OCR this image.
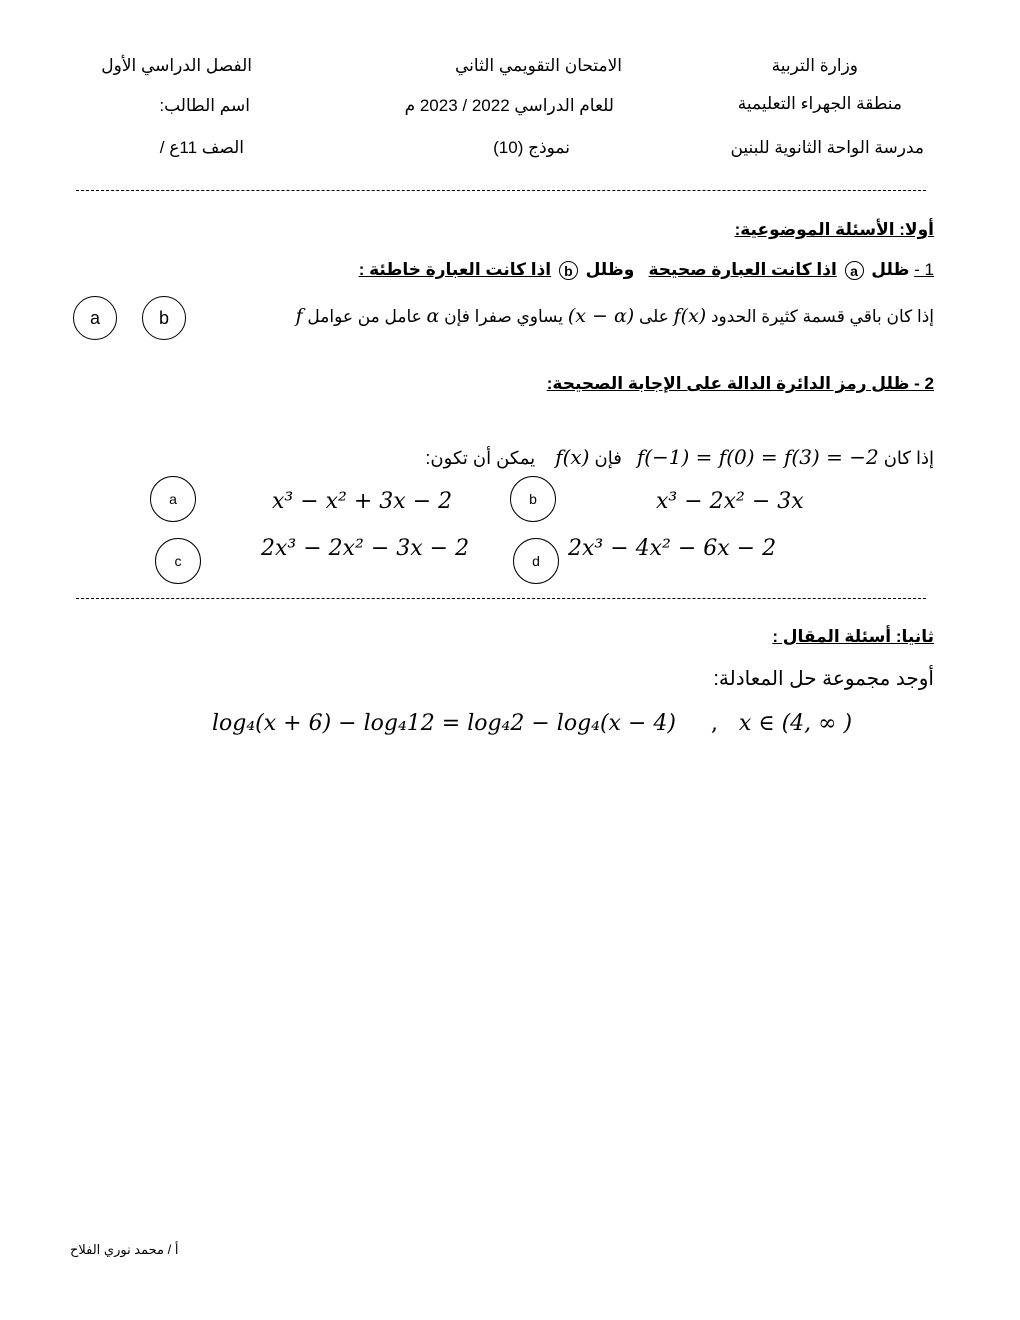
وزارة التربية
منطقة الجهراء التعليمية
مدرسة الواحة الثانوية للبنين
الامتحان التقويمي الثاني
للعام الدراسي 2022 / 2023 م
نموذج (10)
الفصل الدراسي الأول
اسم الطالب:
الصف 11ع /
أولا: الأسئلة الموضوعية:
1 - ظلل a اذا كانت العبارة صحيحة   وظلل b اذا كانت العبارة خاطئة :
إذا كان باقي قسمة كثيرة الحدود f(x) على (x − α) يساوي صفرا فإن α عامل من عوامل f
b
a
2 - ظلل رمز الدائرة الدالة على الإجابة الصحيحة:
إذا كان f(−1) = f(0) = f(3) = −2   فإن f(x)    يمكن أن تكون:
b	x³ − 2x² − 3x
a	x³ − x² + 3x − 2
d	2x³ − 4x² − 6x − 2
c	2x³ − 2x² − 3x − 2
ثانيا: أسئلة المقال :
أوجد مجموعة حل المعادلة:
log₄(x + 6) − log₄12 = log₄2 − log₄(x − 4)     ,   x ∈ (4, ∞ )
أ / محمد نوري الفلاح
